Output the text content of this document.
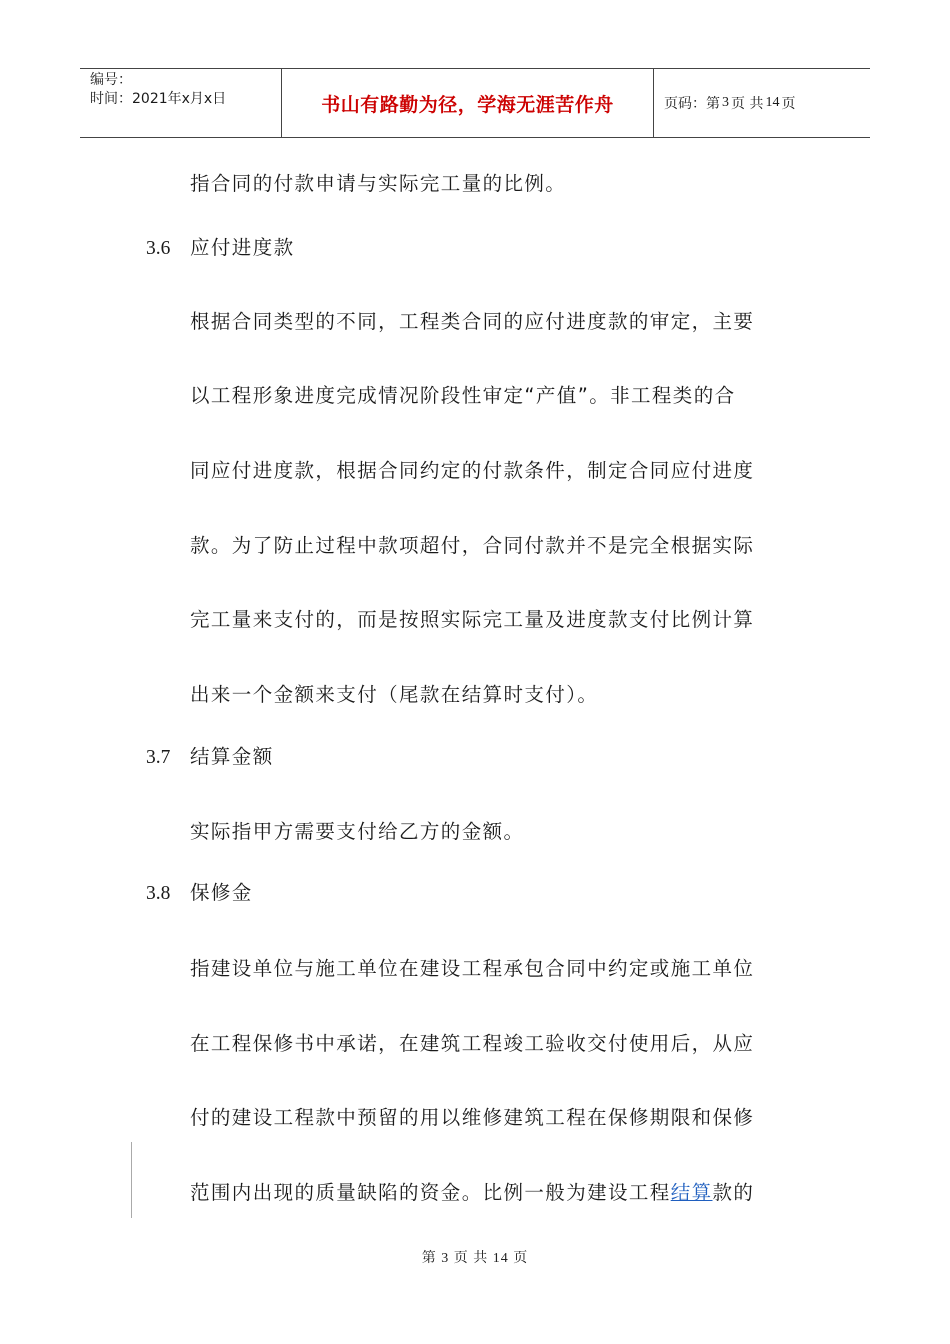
编号：
时间：2021年x月x日	书山有路勤为径，学海无涯苦作舟	页码：第 3 页 共 14 页
指合同的付款申请与实际完工量的比例。
3.6 应付进度款
根据合同类型的不同，工程类合同的应付进度款的审定，主要
以工程形象进度完成情况阶段性审定“产值”。非工程类的合
同应付进度款，根据合同约定的付款条件，制定合同应付进度
款。为了防止过程中款项超付，合同付款并不是完全根据实际
完工量来支付的，而是按照实际完工量及进度款支付比例计算
出来一个金额来支付（尾款在结算时支付）。
3.7 结算金额
实际指甲方需要支付给乙方的金额。
3.8 保修金
指建设单位与施工单位在建设工程承包合同中约定或施工单位
在工程保修书中承诺，在建筑工程竣工验收交付使用后，从应
付的建设工程款中预留的用以维修建筑工程在保修期限和保修
范围内出现的质量缺陷的资金。比例一般为建设工程结算款的
第 3 页 共 14 页
